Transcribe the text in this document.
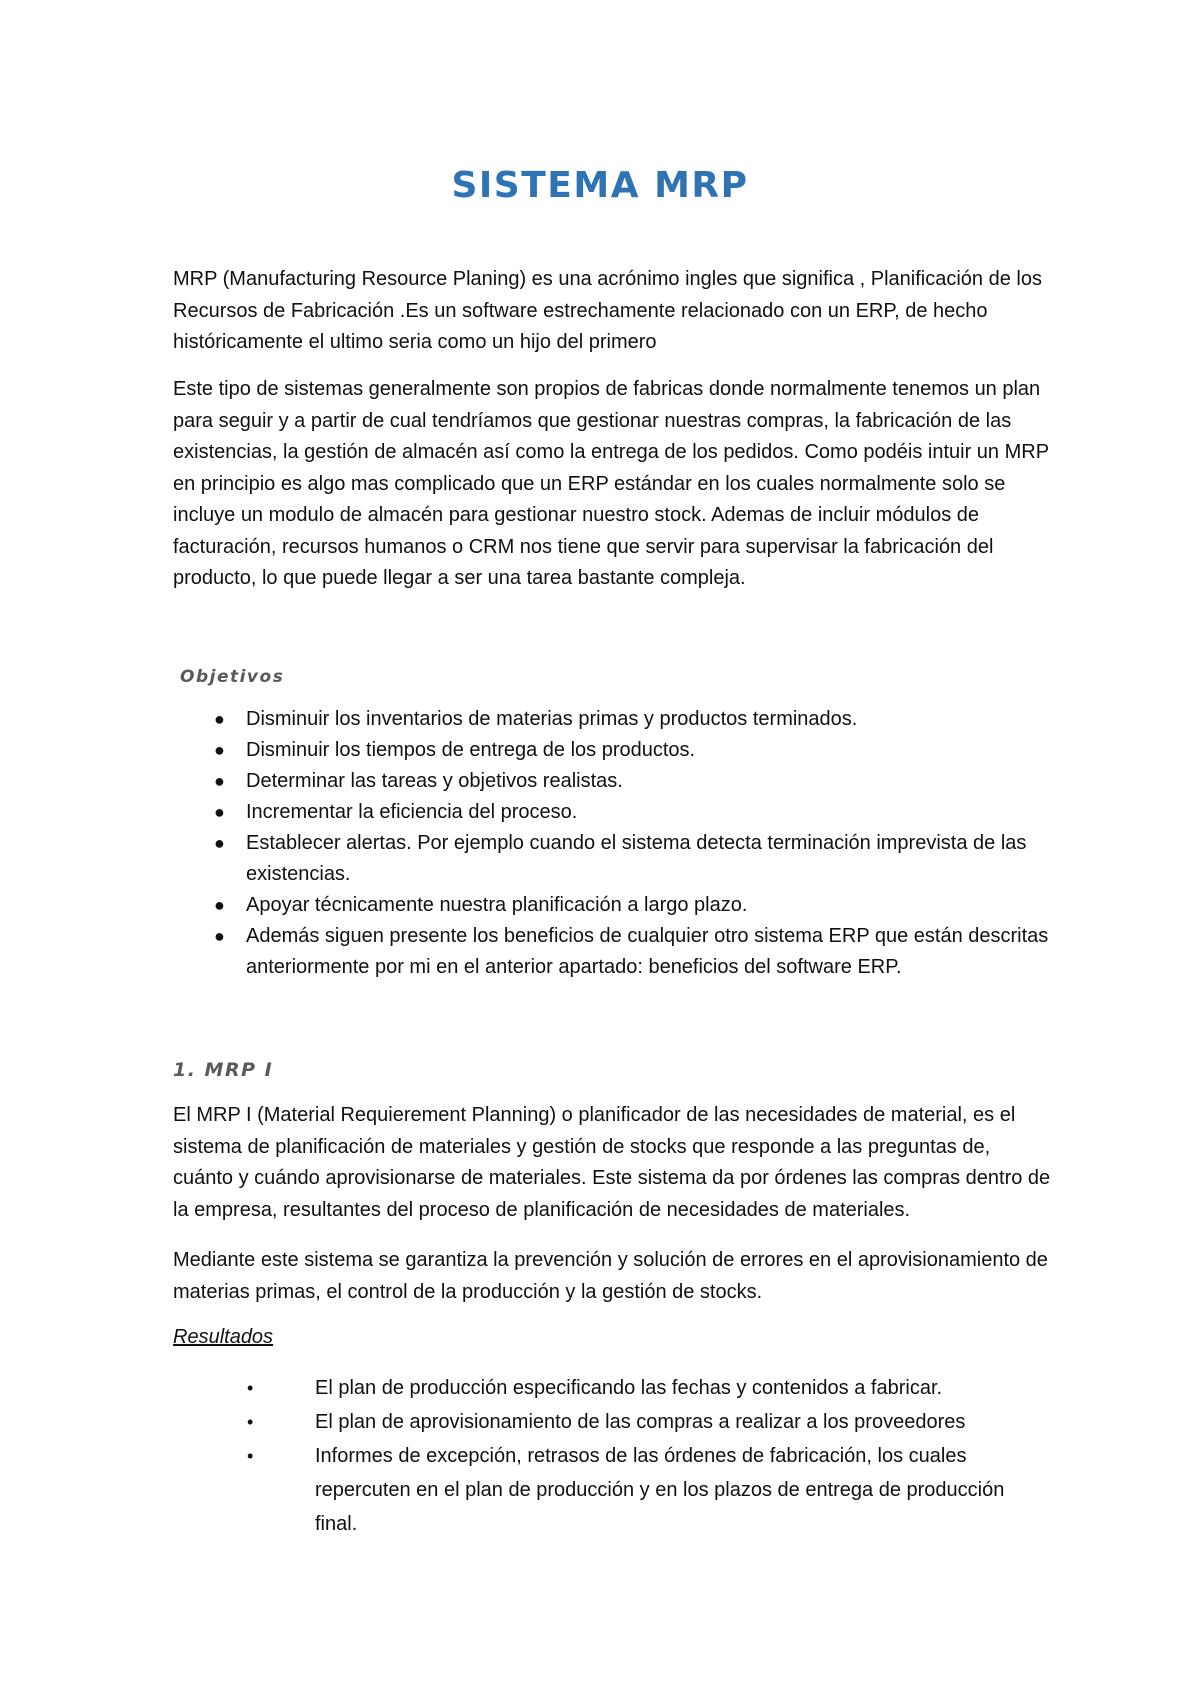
SISTEMA MRP

MRP (Manufacturing Resource Planing) es una acrónimo ingles que significa , Planificación de los Recursos de Fabricación .Es un software estrechamente relacionado con un ERP, de hecho históricamente el ultimo seria como un hijo del primero

Este tipo de sistemas generalmente son propios de fabricas donde normalmente tenemos un plan para seguir y a partir de cual tendríamos que gestionar nuestras compras, la fabricación de las existencias, la gestión de almacén así como la entrega de los pedidos. Como podéis intuir un MRP en principio es algo mas complicado que un ERP estándar en los cuales normalmente solo se incluye un modulo de almacén para gestionar nuestro stock. Ademas de incluir módulos de facturación, recursos humanos o CRM nos tiene que servir para supervisar la fabricación del producto, lo que puede llegar a ser una tarea bastante compleja.

Objetivos
● Disminuir los inventarios de materias primas y productos terminados.
● Disminuir los tiempos de entrega de los productos.
● Determinar las tareas y objetivos realistas.
● Incrementar la eficiencia del proceso.
● Establecer alertas. Por ejemplo cuando el sistema detecta terminación imprevista de las existencias.
● Apoyar técnicamente nuestra planificación a largo plazo.
● Además siguen presente los beneficios de cualquier otro sistema ERP que están descritas anteriormente por mi en el anterior apartado: beneficios del software ERP.
1. MRP I

El MRP I (Material Requierement Planning) o planificador de las necesidades de material, es el sistema de planificación de materiales y gestión de stocks que responde a las preguntas de, cuánto y cuándo aprovisionarse de materiales. Este sistema da por órdenes las compras dentro de la empresa, resultantes del proceso de planificación de necesidades de materiales.

Mediante este sistema se garantiza la prevención y solución de errores en el aprovisionamiento de materias primas, el control de la producción y la gestión de stocks.

Resultados
•	El plan de producción especificando las fechas y contenidos a fabricar.
•	El plan de aprovisionamiento de las compras a realizar a los proveedores
•	Informes de excepción, retrasos de las órdenes de fabricación, los cuales repercuten en el plan de producción y en los plazos de entrega de producción final.
